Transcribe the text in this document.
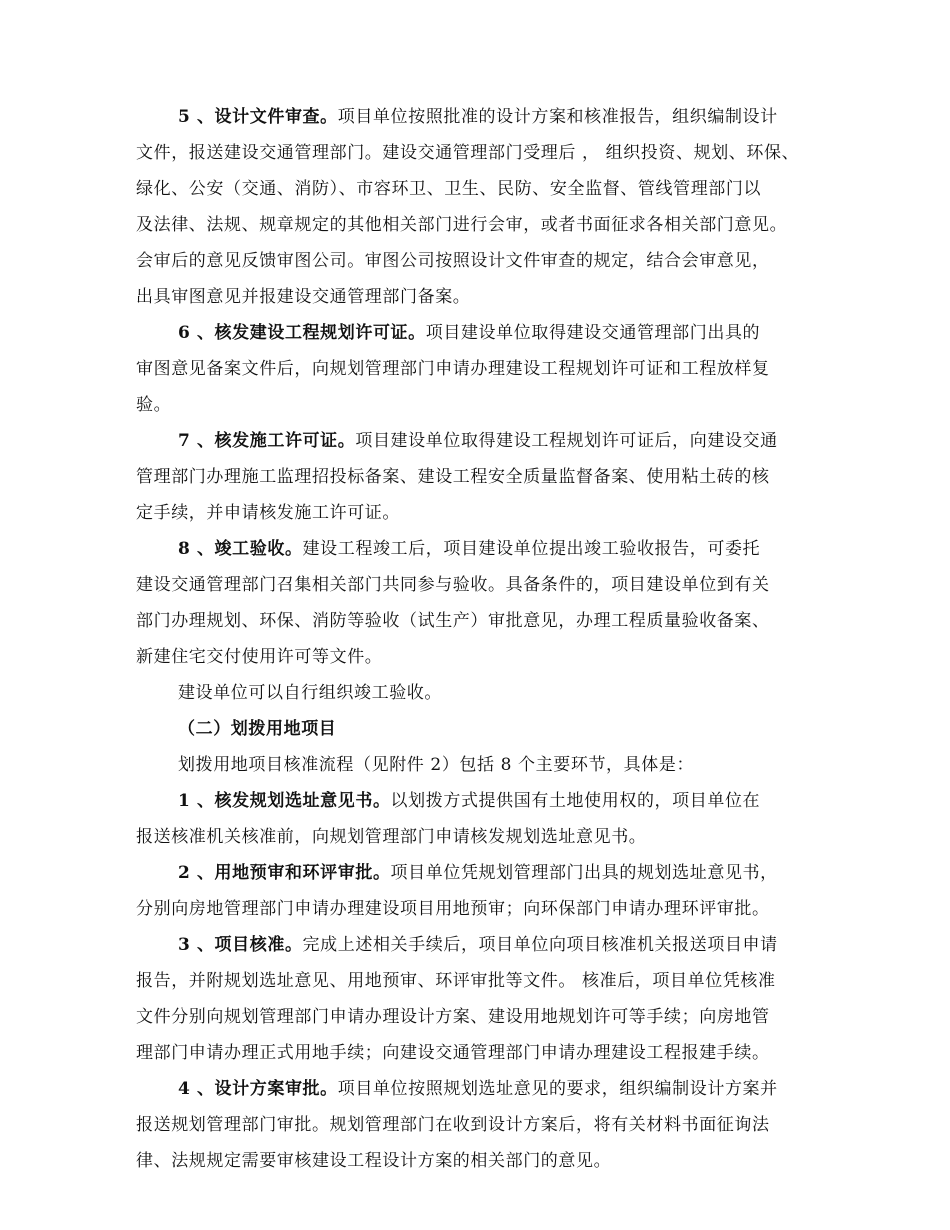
5 、设计文件审查。项目单位按照批准的设计方案和核准报告，组织编制设计
文件，报送建设交通管理部门。建设交通管理部门受理后 ， 组织投资、规划、环保、
绿化、公安（交通、消防）、市容环卫、卫生、民防、安全监督、管线管理部门以
及法律、法规、规章规定的其他相关部门进行会审，或者书面征求各相关部门意见。
会审后的意见反馈审图公司。审图公司按照设计文件审查的规定，结合会审意见，
出具审图意见并报建设交通管理部门备案。
6 、核发建设工程规划许可证。项目建设单位取得建设交通管理部门出具的
审图意见备案文件后，向规划管理部门申请办理建设工程规划许可证和工程放样复
验。
7 、核发施工许可证。项目建设单位取得建设工程规划许可证后，向建设交通
管理部门办理施工监理招投标备案、建设工程安全质量监督备案、使用粘土砖的核
定手续，并申请核发施工许可证。
8 、竣工验收。建设工程竣工后，项目建设单位提出竣工验收报告，可委托
建设交通管理部门召集相关部门共同参与验收。具备条件的，项目建设单位到有关
部门办理规划、环保、消防等验收（试生产）审批意见，办理工程质量验收备案、
新建住宅交付使用许可等文件。
建设单位可以自行组织竣工验收。
（二）划拨用地项目
划拨用地项目核准流程（见附件 2）包括 8 个主要环节，具体是：
1 、核发规划选址意见书。以划拨方式提供国有土地使用权的，项目单位在
报送核准机关核准前，向规划管理部门申请核发规划选址意见书。
2 、用地预审和环评审批。项目单位凭规划管理部门出具的规划选址意见书，
分别向房地管理部门申请办理建设项目用地预审；向环保部门申请办理环评审批。
3 、项目核准。完成上述相关手续后，项目单位向项目核准机关报送项目申请
报告，并附规划选址意见、用地预审、环评审批等文件。 核准后，项目单位凭核准
文件分别向规划管理部门申请办理设计方案、建设用地规划许可等手续；向房地管
理部门申请办理正式用地手续；向建设交通管理部门申请办理建设工程报建手续。
4 、设计方案审批。项目单位按照规划选址意见的要求，组织编制设计方案并
报送规划管理部门审批。规划管理部门在收到设计方案后，将有关材料书面征询法
律、法规规定需要审核建设工程设计方案的相关部门的意见。
